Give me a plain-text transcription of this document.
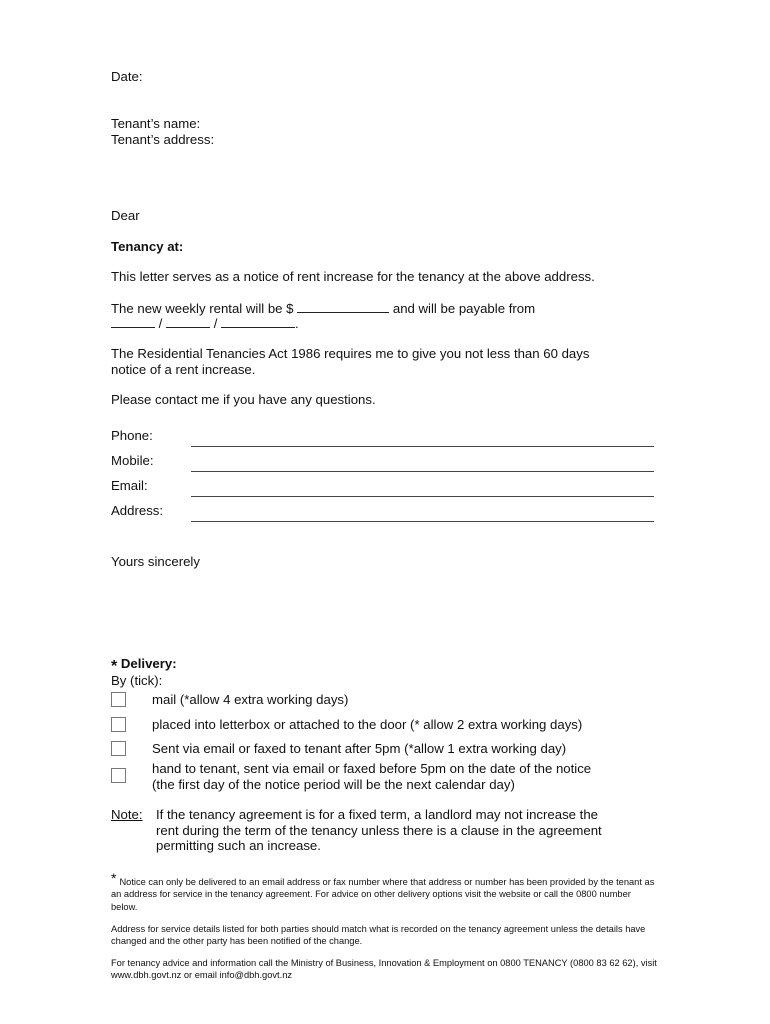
Date:
Tenant’s name:
Tenant’s address:
Dear
Tenancy at:
This letter serves as a notice of rent increase for the tenancy at the above address.
The new weekly rental will be $	and will be payable from
/	/	.
The Residential Tenancies Act 1986 requires me to give you not less than 60 days
notice of a rent increase.
Please contact me if you have any questions.
Phone:
Mobile:
Email:
Address:
Yours sincerely
* Delivery:
By (tick):
mail (*allow 4 extra working days)
placed into letterbox or attached to the door (* allow 2 extra working days)
Sent via email or faxed to tenant after 5pm (*allow 1 extra working day)
hand to tenant, sent via email or faxed before 5pm on the date of the notice
(the first day of the notice period will be the next calendar day)
Note: If the tenancy agreement is for a fixed term, a landlord may not increase the
rent during the term of the tenancy unless there is a clause in the agreement
permitting such an increase.
* Notice can only be delivered to an email address or fax number where that address or number has been provided by the tenant as an address for service in the tenancy agreement. For advice on other delivery options visit the website or call the 0800 number below.
Address for service details listed for both parties should match what is recorded on the tenancy agreement unless the details have changed and the other party has been notified of the change.
For tenancy advice and information call the Ministry of Business, Innovation & Employment on 0800 TENANCY (0800 83 62 62), visit www.dbh.govt.nz or email info@dbh.govt.nz
